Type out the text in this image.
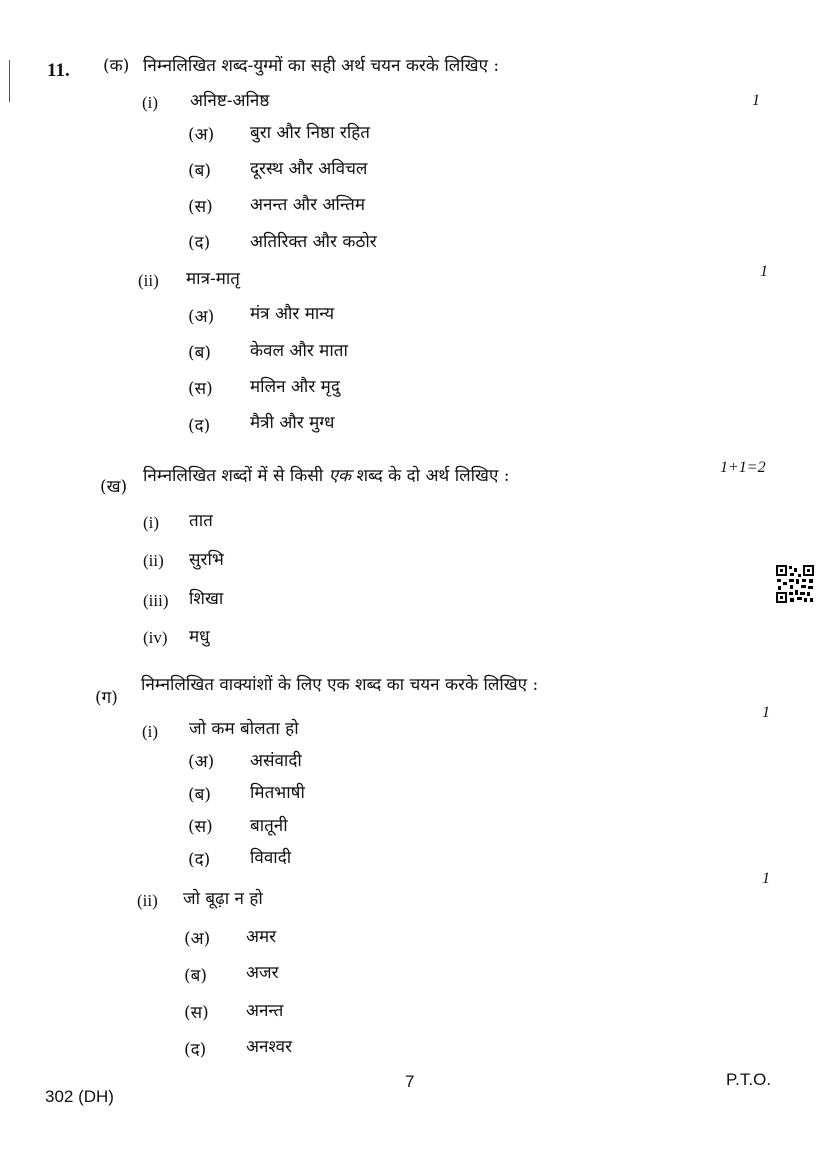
11. (क) निम्नलिखित शब्द-युग्मों का सही अर्थ चयन करके लिखिए :
(i) अनिष्ट-अनिष्ठ	1
(अ) बुरा और निष्ठा रहित
(ब) दूरस्थ और अविचल
(स) अनन्त और अन्तिम
(द) अतिरिक्त और कठोर
(ii) मात्र-मातृ	1
(अ) मंत्र और मान्य
(ब) केवल और माता
(स) मलिन और मृदु
(द) मैत्री और मुग्ध
(ख)
निम्नलिखित शब्दों में से किसी एक शब्द के दो अर्थ लिखिए :	1+1=2
(i) तात
(ii) सुरभि
(iii) शिखा
(iv) मधु
(ग)
निम्नलिखित वाक्यांशों के लिए एक शब्द का चयन करके लिखिए :
(i) जो कम बोलता हो
1
(अ) असंवादी
(ब) मितभाषी
(स) बातूनी
(द) विवादी
(ii) जो बूढ़ा न हो
1
(अ) अमर
(ब) अजर
(स) अनन्त
(द) अनश्वर
302 (DH)
7	P.T.O.
